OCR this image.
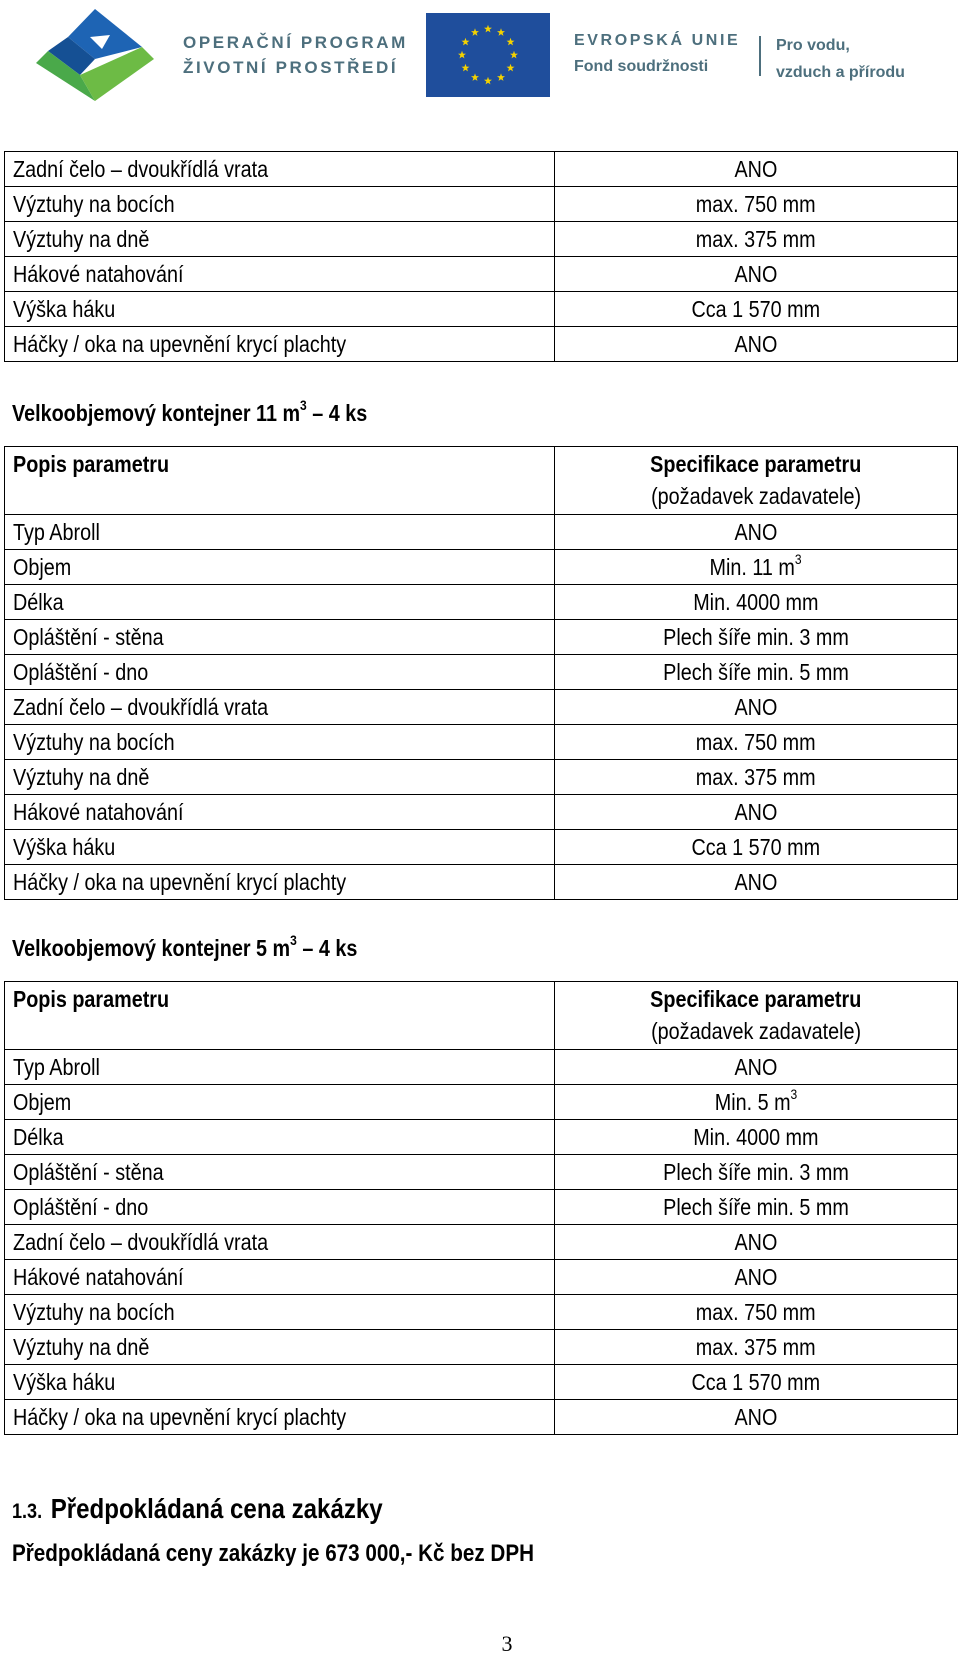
OPERAČNÍ PROGRAM
ŽIVOTNÍ PROSTŘEDÍ
EVROPSKÁ UNIE
Fond soudržnosti
Pro vodu,
vzduch a přírodu
Zadní čelo – dvoukřídlá vrata	ANO
Výztuhy na bocích	max. 750 mm
Výztuhy na dně	max. 375 mm
Hákové natahování	ANO
Výška háku	Cca 1 570 mm
Háčky / oka na upevnění krycí plachty	ANO
Velkoobjemový kontejner 11 $m^3 - 4$ ks
Popis parametru	Specifikace parametru
(požadavek zadavatele)
Typ Abroll	ANO
Objem	Min. 11 $m^3$
Délka	Min. 4000 mm
Opláštění - stěna	Plech šíře min. 3 mm
Opláštění - dno	Plech šíře min. 5 mm
Zadní čelo – dvoukřídlá vrata	ANO
Výztuhy na bocích	max. 750 mm
Výztuhy na dně	max. 375 mm
Hákové natahování	ANO
Výška háku	Cca 1 570 mm
Háčky / oka na upevnění krycí plachty	ANO
Velkoobjemový kontejner 5 $m^3 - 4$ ks
Popis parametru	Specifikace parametru
(požadavek zadavatele)
Typ Abroll	ANO
Objem	Min. 5 $m^3$
Délka	Min. 4000 mm
Opláštění - stěna	Plech šíře min. 3 mm
Opláštění - dno	Plech šíře min. 5 mm
Zadní čelo – dvoukřídlá vrata	ANO
Hákové natahování	ANO
Výztuhy na bocích	max. 750 mm
Výztuhy na dně	max. 375 mm
Výška háku	Cca 1 570 mm
Háčky / oka na upevnění krycí plachty	ANO
1.3. Předpokládaná cena zakázky
Předpokládaná ceny zakázky je 673 000,- Kč bez DPH
3
